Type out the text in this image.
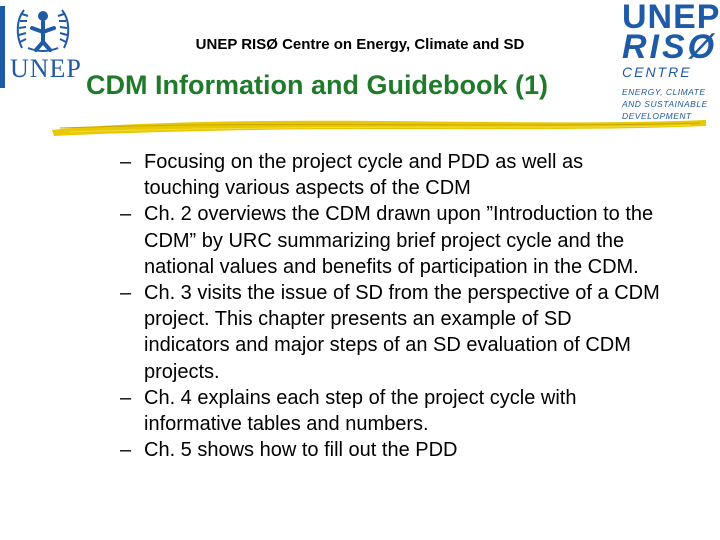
UNEP
UNEP RISØ Centre on Energy, Climate and SD
CDM Information and Guidebook (1)
UNEP
RISØ
CENTRE
ENERGY, CLIMATE
AND SUSTAINABLE
DEVELOPMENT
– Focusing on the project cycle and PDD as well as touching various aspects of the CDM
– Ch. 2 overviews the CDM drawn upon ”Introduction to the CDM” by URC summarizing brief project cycle and the national values and benefits of participation in the CDM.
– Ch. 3 visits the issue of SD from the perspective of a CDM project. This chapter presents an example of SD indicators and major steps of an SD evaluation of CDM projects.
– Ch. 4 explains each step of the project cycle with informative tables and numbers.
– Ch. 5 shows how to fill out the PDD
